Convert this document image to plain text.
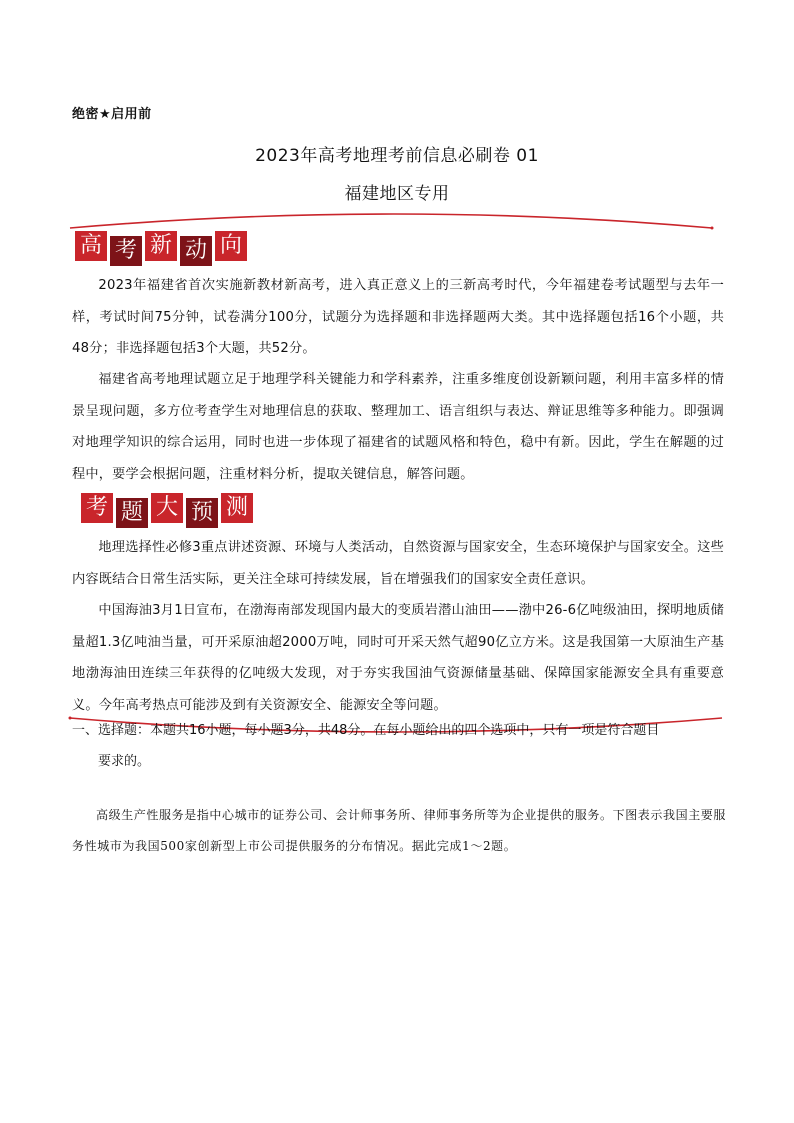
绝密★启用前
2023年高考地理考前信息必刷卷 01
福建地区专用
高 考 新 动 向
2023年福建省首次实施新教材新高考，进入真正意义上的三新高考时代，今年福建卷考试题型与去年一样，考试时间75分钟，试卷满分100分，试题分为选择题和非选择题两大类。其中选择题包括16个小题，共48分；非选择题包括3个大题，共52分。
福建省高考地理试题立足于地理学科关键能力和学科素养，注重多维度创设新颖问题，利用丰富多样的情景呈现问题，多方位考查学生对地理信息的获取、整理加工、语言组织与表达、辩证思维等多种能力。即强调对地理学知识的综合运用，同时也进一步体现了福建省的试题风格和特色，稳中有新。因此，学生在解题的过程中，要学会根据问题，注重材料分析，提取关键信息，解答问题。
考 题 大 预 测
地理选择性必修3重点讲述资源、环境与人类活动，自然资源与国家安全，生态环境保护与国家安全。这些内容既结合日常生活实际，更关注全球可持续发展，旨在增强我们的国家安全责任意识。
中国海油3月1日宣布，在渤海南部发现国内最大的变质岩潜山油田——渤中26-6亿吨级油田，探明地质储量超1.3亿吨油当量，可开采原油超2000万吨，同时可开采天然气超90亿立方米。这是我国第一大原油生产基地渤海油田连续三年获得的亿吨级大发现，对于夯实我国油气资源储量基础、保障国家能源安全具有重要意义。今年高考热点可能涉及到有关资源安全、能源安全等问题。
一、选择题：本题共16小题，每小题3分，共48分。在每小题给出的四个选项中，只有一项是符合题目
要求的。
高级生产性服务是指中心城市的证券公司、会计师事务所、律师事务所等为企业提供的服务。下图表示我国主要服务性城市为我国500家创新型上市公司提供服务的分布情况。据此完成1～2题。
